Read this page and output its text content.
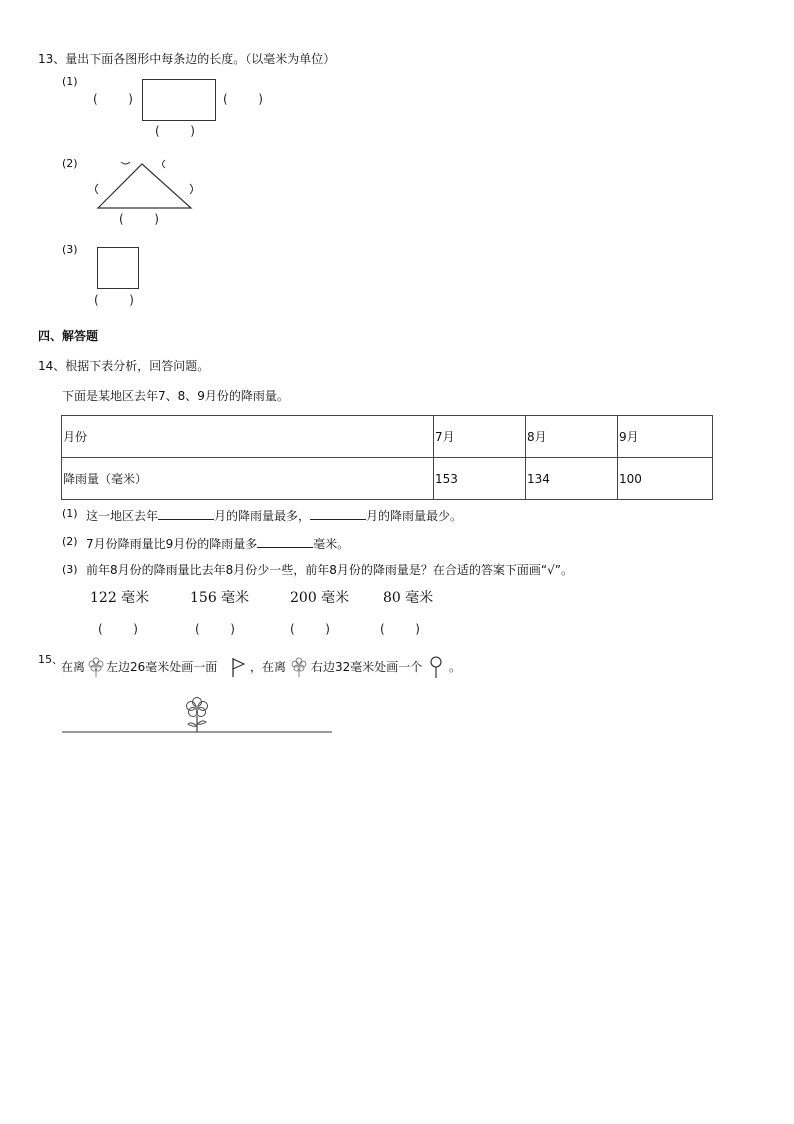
13、量出下面各图形中每条边的长度。（以毫米为单位）
(1)
(        )	(        )
(        )
(2)
(        )
(3)
(        )
四、解答题
14、根据下表分析，回答问题。
下面是某地区去年7、8、9月份的降雨量。
月份	7月	8月	9月
降雨量（毫米）	153	134	100
(1) 这一地区去年	月的降雨量最多，	月的降雨量最少。
(2) 7月份降雨量比9月份的降雨量多	毫米。
(3) 前年8月份的降雨量比去年8月份少一些，前年8月份的降雨量是？在合适的答案下面画“√”。
122 毫米	156 毫米	200 毫米 80 毫米
(        )	(        )	(        )	(        )
15、
在离 左边26毫米处画一面	，在离 右边32毫米处画一个 。
